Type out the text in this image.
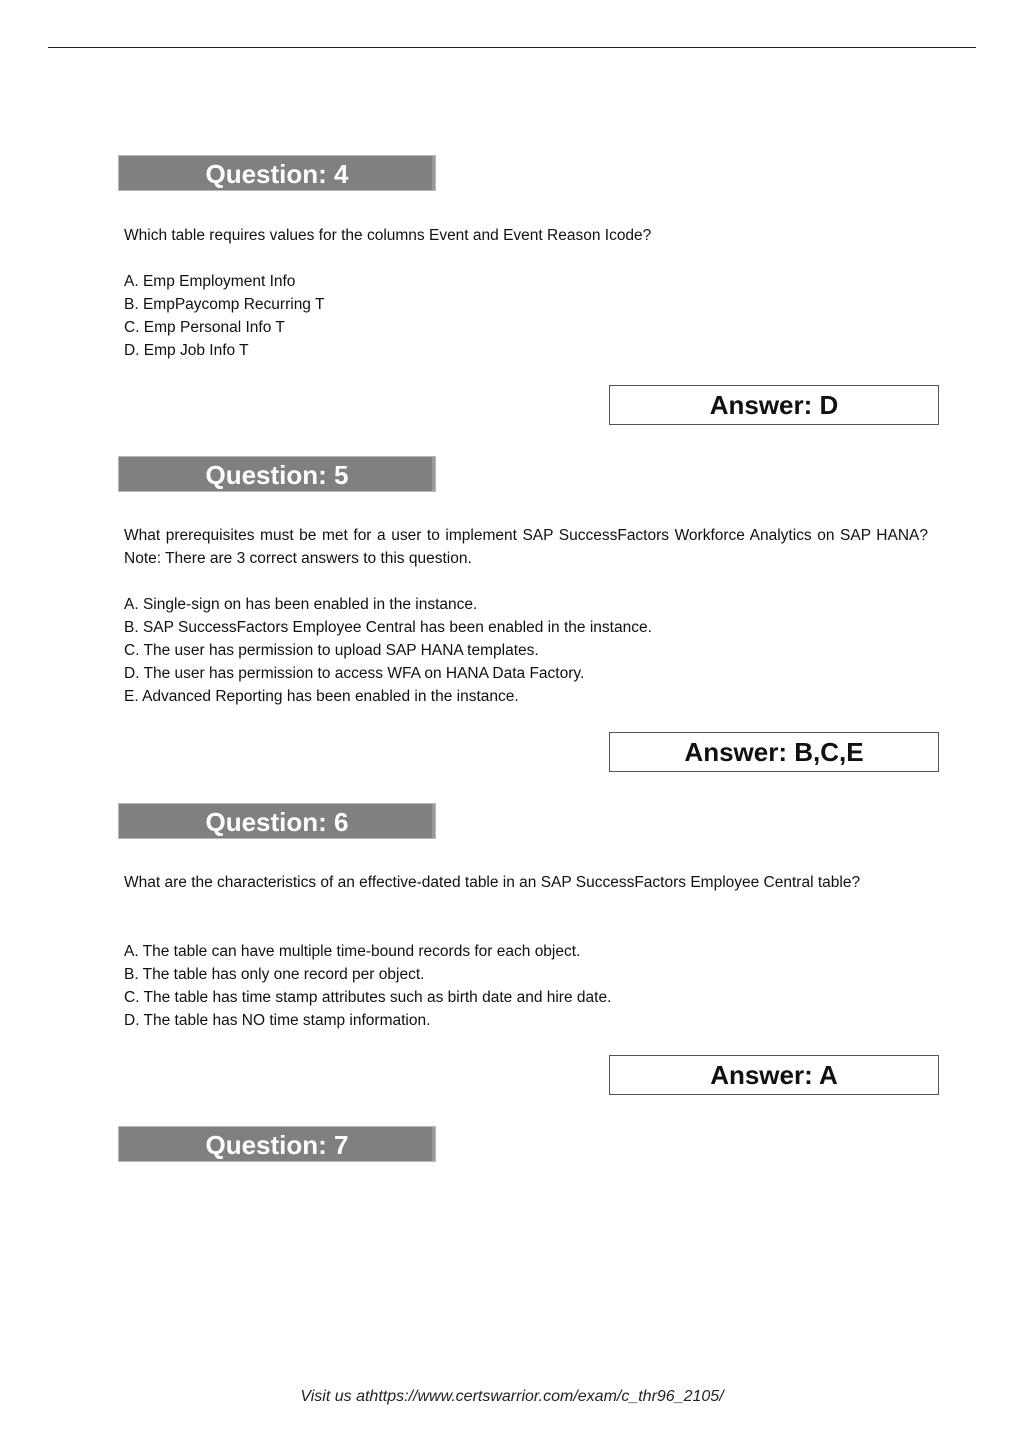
Question: 4

Which table requires values for the columns Event and Event Reason Icode?

A. Emp Employment Info
B. EmpPaycomp Recurring T
C. Emp Personal Info T
D. Emp Job Info T
Answer: D
Question: 5

What prerequisites must be met for a user to implement SAP SuccessFactors Workforce Analytics on SAP HANA? Note: There are 3 correct answers to this question.

A. Single-sign on has been enabled in the instance.
B. SAP SuccessFactors Employee Central has been enabled in the instance.
C. The user has permission to upload SAP HANA templates.
D. The user has permission to access WFA on HANA Data Factory.
E. Advanced Reporting has been enabled in the instance.
Answer: B,C,E
Question: 6

What are the characteristics of an effective-dated table in an SAP SuccessFactors Employee Central table?

A. The table can have multiple time-bound records for each object.
B. The table has only one record per object.
C. The table has time stamp attributes such as birth date and hire date.
D. The table has NO time stamp information.
Answer: A
Question: 7
Visit us athttps://www.certswarrior.com/exam/c_thr96_2105/
